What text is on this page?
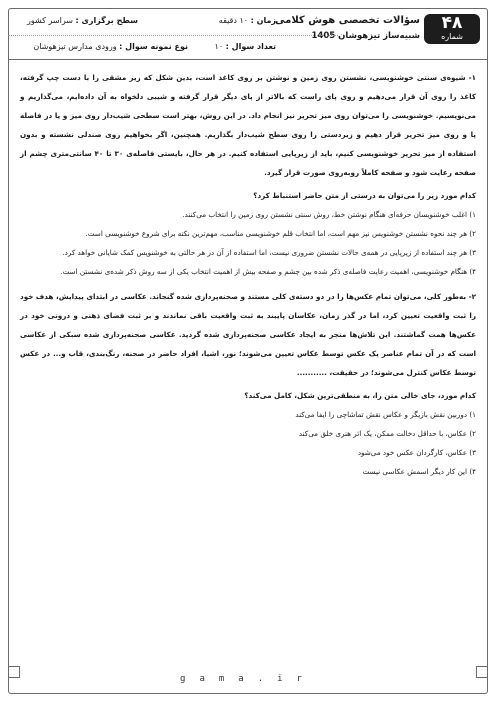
۴۸
شماره
سؤالات تخصصی هوش کلامی
شبیه‌ساز تیزهوشان 1405
زمان : ۱۰ دقیقه
سطح برگزاری : سراسر کشور
تعداد سوال : ۱۰
نوع نمونه سوال : ورودی مدارس تیزهوشان

۱- شیوه‌ی سنتی خوشنویسی، نشستن روی زمین و نوشتن بر روی کاغذ است، بدین شکل که زیر مشقی را با دست چپ گرفته، کاغذ را روی آن قرار می‌دهیم و روی پای راست که بالاتر از پای دیگر قرار گرفته و شیبی دلخواه به آن داده‌ایم، می‌گذاریم و می‌نویسیم. خوشنویسی را می‌توان روی میز تحریر نیز انجام داد. در این روش، بهتر است سطحی شیب‌دار روی میز و یا در فاصله پا و روی میز تحریر قرار دهیم و زیردستی را روی سطح شیب‌دار بگذاریم. همچنین، اگر بخواهیم روی صندلی نشسته و بدون استفاده از میز تحریر خوشنویسی کنیم، باید از زیرپایی استفاده کنیم. در هر حال، بایستی فاصله‌ی ۳۰ تا ۴۰ سانتی‌متری چشم از صفحه رعایت شود و صفحه کاملاً روبه‌روی صورت قرار گیرد.

کدام مورد زیر را می‌توان به درستی از متن حاضر استنباط کرد؟

۱) اغلب خوشنویسان حرفه‌ای هنگام نوشتن خط، روش سنتی نشستن روی زمین را انتخاب می‌کنند.

۲) هر چند نحوه نشستن خوشنویس نیز مهم است، اما انتخاب قلم خوشنویسی مناسب، مهم‌ترین نکته برای شروع خوشنویسی است.

۳) هر چند استفاده از زیرپایی در همه‌ی حالات نشستن ضروری نیست، اما استفاده از آن در هر حالتی به خوشنویس کمک شایانی خواهد کرد.

۴) هنگام خوشنویسی، اهمیت رعایت فاصله‌ی ذکر شده بین چشم و صفحه بیش از اهمیت انتخاب یکی از سه روش ذکر شده‌ی نشستن است.

۲- به‌طور کلی، می‌توان تمام عکس‌ها را در دو دسته‌ی کلی مستند و صحنه‌پردازی شده گنجاند. عکاسی در ابتدای پیدایش، هدف خود را ثبت واقعیت تعیین کرد، اما در گذر زمان، عکاسان پایبند به ثبت واقعیت باقی نماندند و بر ثبت فضای ذهنی و درونی خود در عکس‌ها همت گماشتند. این تلاش‌ها منجر به ایجاد عکاسی صحنه‌پردازی شده گردید. عکاسی صحنه‌پردازی شده سبکی از عکاسی است که در آن تمام عناصر یک عکس توسط عکاس تعیین می‌شوند؛ نور، اشیا، افراد حاضر در صحنه، رنگ‌بندی، قاب و... در عکس توسط عکاس کنترل می‌شوند؛ در حقیقت، ...........

کدام مورد، جای خالی متن را، به منطقی‌ترین شکل، کامل می‌کند؟

۱) دوربین نقش بازیگر و عکاس نقش تماشاچی را ایفا می‌کند

۲) عکاس، با حداقل دخالت ممکن، یک اثر هنری خلق می‌کند

۳) عکاس، کارگردان عکس خود می‌شود

۴) این کار دیگر اسمش عکاسی نیست

gama.ir
